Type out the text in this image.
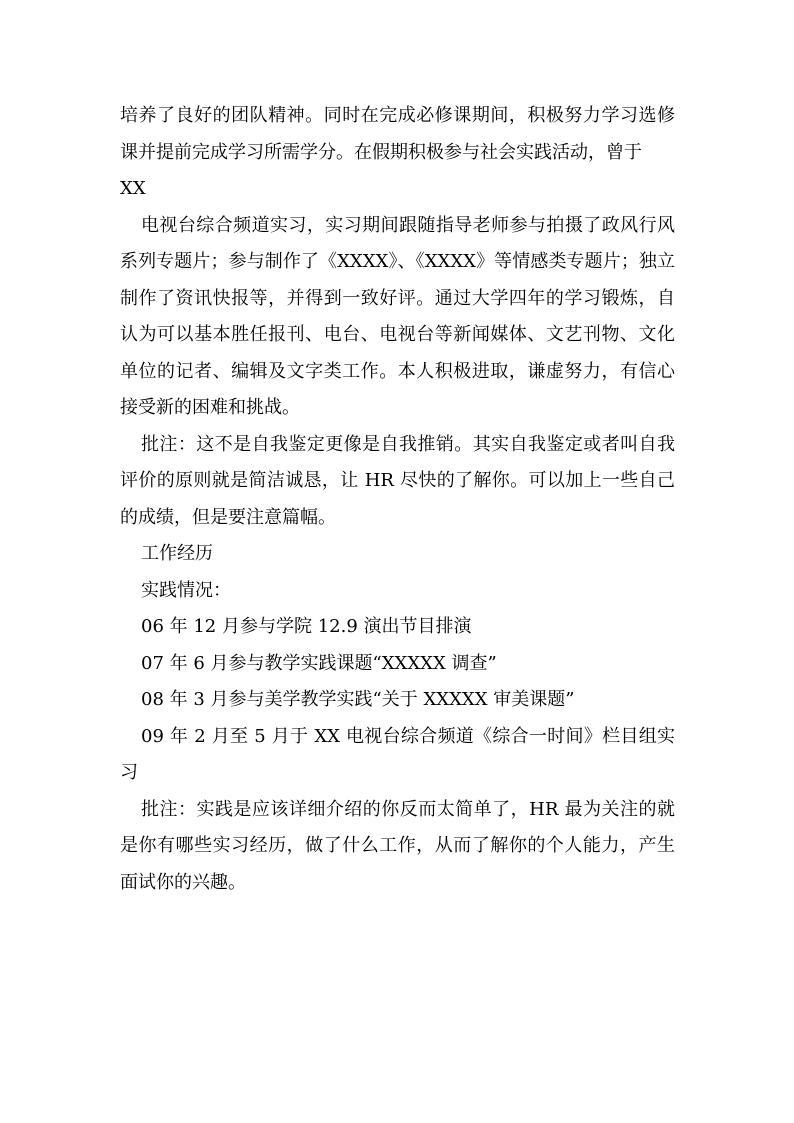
培养了良好的团队精神。同时在完成必修课期间，积极努力学习选修课并提前完成学习所需学分。在假期积极参与社会实践活动，曾于

XX

电视台综合频道实习，实习期间跟随指导老师参与拍摄了政风行风系列专题片；参与制作了《XXXX》、《XXXX》等情感类专题片；独立制作了资讯快报等，并得到一致好评。通过大学四年的学习锻炼，自认为可以基本胜任报刊、电台、电视台等新闻媒体、文艺刊物、文化单位的记者、编辑及文字类工作。本人积极进取，谦虚努力，有信心接受新的困难和挑战。

批注：这不是自我鉴定更像是自我推销。其实自我鉴定或者叫自我评价的原则就是简洁诚恳，让 HR 尽快的了解你。可以加上一些自己的成绩，但是要注意篇幅。

工作经历

实践情况：

06 年 12 月参与学院 12.9 演出节目排演

07 年 6 月参与教学实践课题“XXXXX 调查”

08 年 3 月参与美学教学实践“关于 XXXXX 审美课题”

09 年 2 月至 5 月于 XX 电视台综合频道《综合一时间》栏目组实习

批注：实践是应该详细介绍的你反而太简单了，HR 最为关注的就是你有哪些实习经历，做了什么工作，从而了解你的个人能力，产生面试你的兴趣。
